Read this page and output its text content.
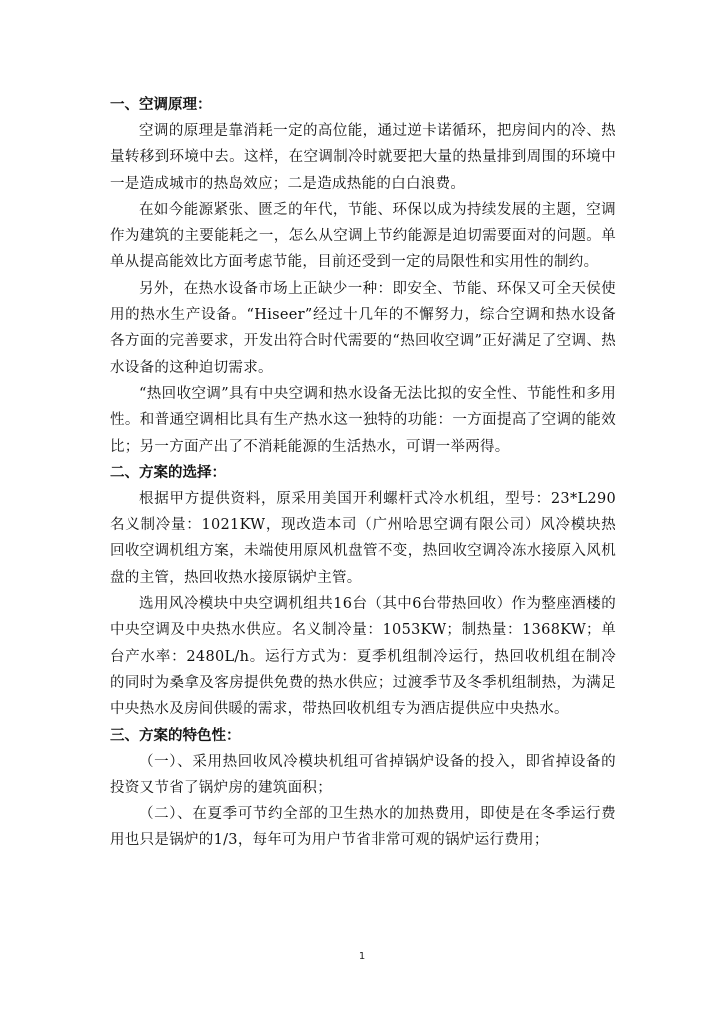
一、空调原理：

空调的原理是靠消耗一定的高位能，通过逆卡诺循环，把房间内的冷、热量转移到环境中去。这样，在空调制冷时就要把大量的热量排到周围的环境中一是造成城市的热岛效应；二是造成热能的白白浪费。

在如今能源紧张、匮乏的年代，节能、环保以成为持续发展的主题，空调作为建筑的主要能耗之一，怎么从空调上节约能源是迫切需要面对的问题。单单从提高能效比方面考虑节能，目前还受到一定的局限性和实用性的制约。

另外，在热水设备市场上正缺少一种：即安全、节能、环保又可全天侯使用的热水生产设备。“Hiseer”经过十几年的不懈努力，综合空调和热水设备各方面的完善要求，开发出符合时代需要的“热回收空调”正好满足了空调、热水设备的这种迫切需求。

“热回收空调”具有中央空调和热水设备无法比拟的安全性、节能性和多用性。和普通空调相比具有生产热水这一独特的功能：一方面提高了空调的能效比；另一方面产出了不消耗能源的生活热水，可谓一举两得。

二、方案的选择：

根据甲方提供资料，原采用美国开利螺杆式冷水机组，型号：23*L290 名义制冷量：1021KW，现改造本司（广州哈思空调有限公司）风冷模块热回收空调机组方案，未端使用原风机盘管不变，热回收空调冷冻水接原入风机盘的主管，热回收热水接原锅炉主管。

选用风冷模块中央空调机组共16台（其中6台带热回收）作为整座酒楼的中央空调及中央热水供应。名义制冷量：1053KW；制热量：1368KW；单台产水率：2480L/h。运行方式为：夏季机组制冷运行，热回收机组在制冷的同时为桑拿及客房提供免费的热水供应；过渡季节及冬季机组制热，为满足中央热水及房间供暖的需求，带热回收机组专为酒店提供应中央热水。

三、方案的特色性：

（一）、采用热回收风冷模块机组可省掉锅炉设备的投入，即省掉设备的投资又节省了锅炉房的建筑面积；

（二）、在夏季可节约全部的卫生热水的加热费用，即使是在冬季运行费用也只是锅炉的1/3，每年可为用户节省非常可观的锅炉运行费用；

1
